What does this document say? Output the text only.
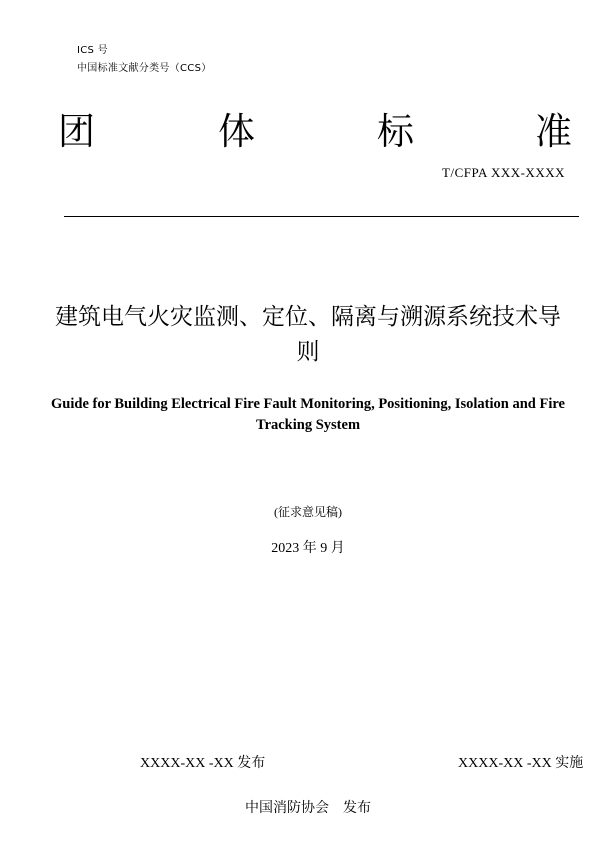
ICS 号
中国标准文献分类号（CCS）
团	体	标	准
T/CFPA XXX-XXXX
建筑电气火灾监测、定位、隔离与溯源系统技术导则
Guide for Building Electrical Fire Fault Monitoring, Positioning, Isolation and Fire Tracking System
(征求意见稿)
2023 年 9 月
XXXX-XX -XX 发布	XXXX-XX -XX 实施
中国消防协会　发布
